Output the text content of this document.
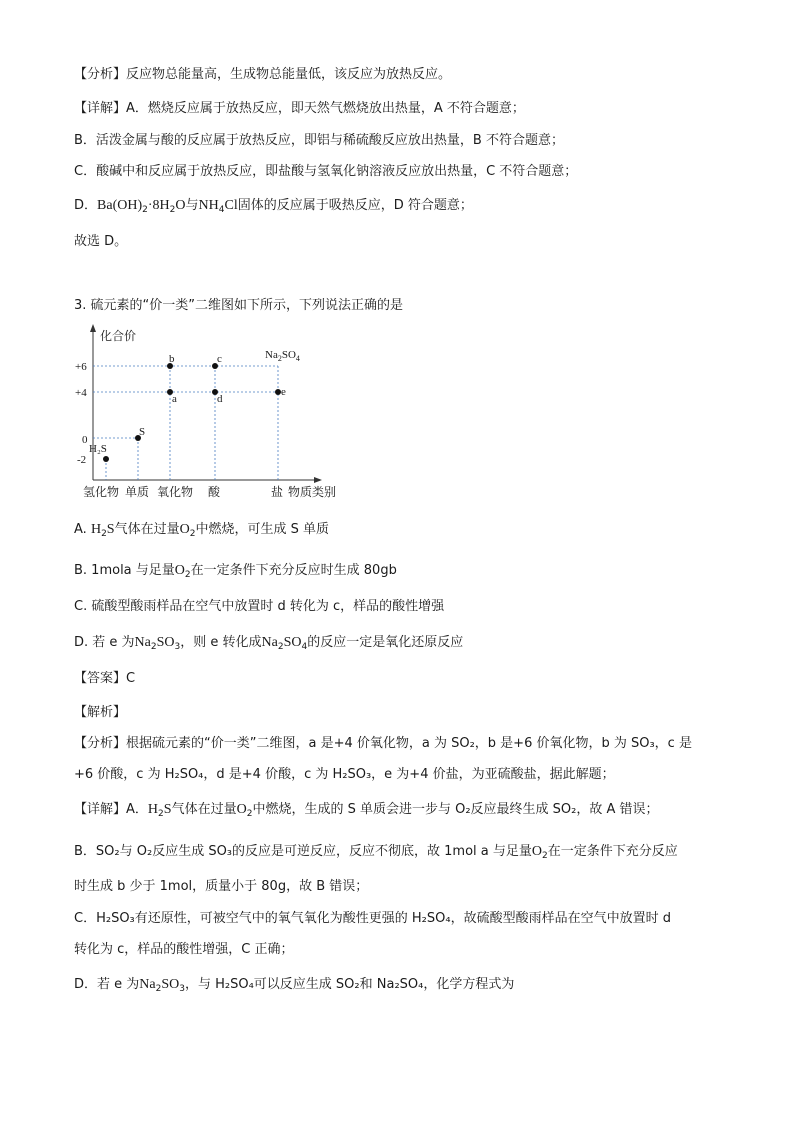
【分析】反应物总能量高，生成物总能量低，该反应为放热反应。
【详解】A．燃烧反应属于放热反应，即天然气燃烧放出热量，A 不符合题意；
B．活泼金属与酸的反应属于放热反应，即铝与稀硫酸反应放出热量，B 不符合题意；
C．酸碱中和反应属于放热反应，即盐酸与氢氧化钠溶液反应放出热量，C 不符合题意；
D．$Ba(OH)_2\cdot 8H_2O$与$NH_4Cl$固体的反应属于吸热反应，D 符合题意；
故选 D。
3. 硫元素的“价一类”二维图如下所示，下列说法正确的是
化合价
+6
+4
0
-2
H₂S
S
b
a
c
d
e
$Na_2SO_4$
氢化物 单质 氧化物 酸	盐 物质类别
A. $H_2S$气体在过量$O_2$中燃烧，可生成 S 单质
B. 1mola 与足量$O_2$在一定条件下充分反应时生成 80gb
C. 硫酸型酸雨样品在空气中放置时 d 转化为 c，样品的酸性增强
D. 若 e 为$Na_2SO_3$，则 e 转化成$Na_2SO_4$的反应一定是氧化还原反应
【答案】C
【解析】
【分析】根据硫元素的“价一类”二维图，a 是+4 价氧化物，a 为 SO₂，b 是+6 价氧化物，b 为 SO₃，c 是
+6 价酸，c 为 H₂SO₄，d 是+4 价酸，c 为 H₂SO₃，e 为+4 价盐，为亚硫酸盐，据此解题；
【详解】A．$H_2S$气体在过量$O_2$中燃烧，生成的 S 单质会进一步与 O₂反应最终生成 SO₂，故 A 错误；
B．SO₂与 O₂反应生成 SO₃的反应是可逆反应，反应不彻底，故 1mol a 与足量$O_2$在一定条件下充分反应
时生成 b 少于 1mol，质量小于 80g，故 B 错误；
C．H₂SO₃有还原性，可被空气中的氧气氧化为酸性更强的 H₂SO₄，故硫酸型酸雨样品在空气中放置时 d
转化为 c，样品的酸性增强，C 正确；
D．若 e 为$Na_2SO_3$，与 H₂SO₄可以反应生成 SO₂和 Na₂SO₄，化学方程式为
